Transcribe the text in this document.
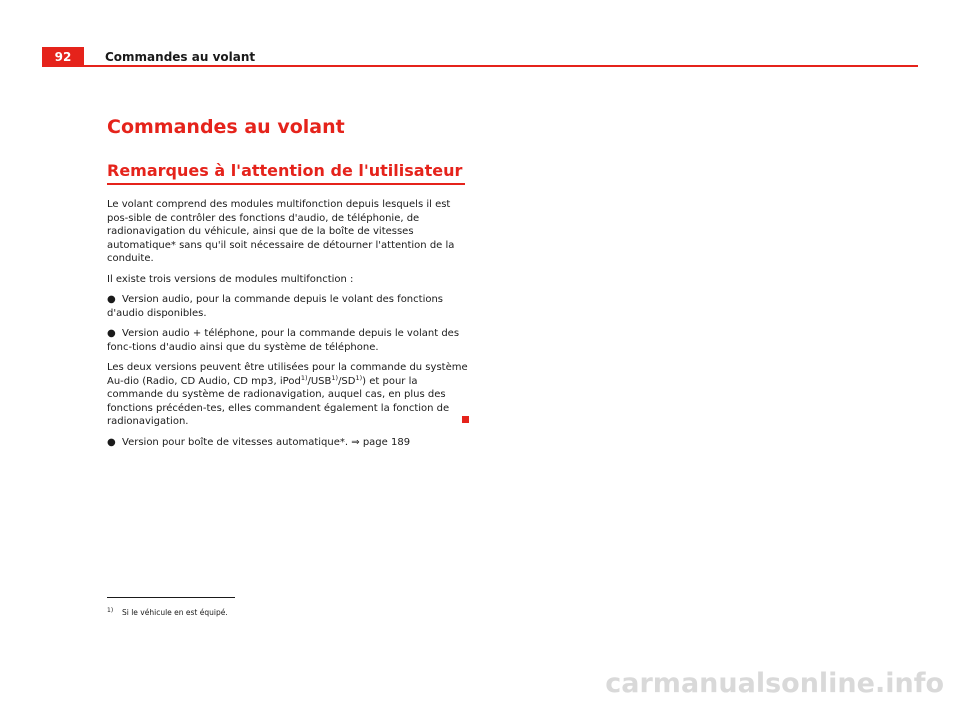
92	Commandes au volant
Commandes au volant
Remarques à l'attention de l'utilisateur

Le volant comprend des modules multifonction depuis lesquels il est pos-sible de contrôler des fonctions d'audio, de téléphonie, de radionavigation du véhicule, ainsi que de la boîte de vitesses automatique* sans qu'il soit nécessaire de détourner l'attention de la conduite.

Il existe trois versions de modules multifonction :

● Version audio, pour la commande depuis le volant des fonctions d'audio disponibles.

● Version audio + téléphone, pour la commande depuis le volant des fonc-tions d'audio ainsi que du système de téléphone.

Les deux versions peuvent être utilisées pour la commande du système Au-dio (Radio, CD Audio, CD mp3, iPod$^{1)}$/USB$^{1)}$/SD$^{1)}$) et pour la commande du système de radionavigation, auquel cas, en plus des fonctions précéden-tes, elles commandent également la fonction de radionavigation.

● Version pour boîte de vitesses automatique*. ⇒ page 189

1) Si le véhicule en est équipé.
carmanualsonline.info
